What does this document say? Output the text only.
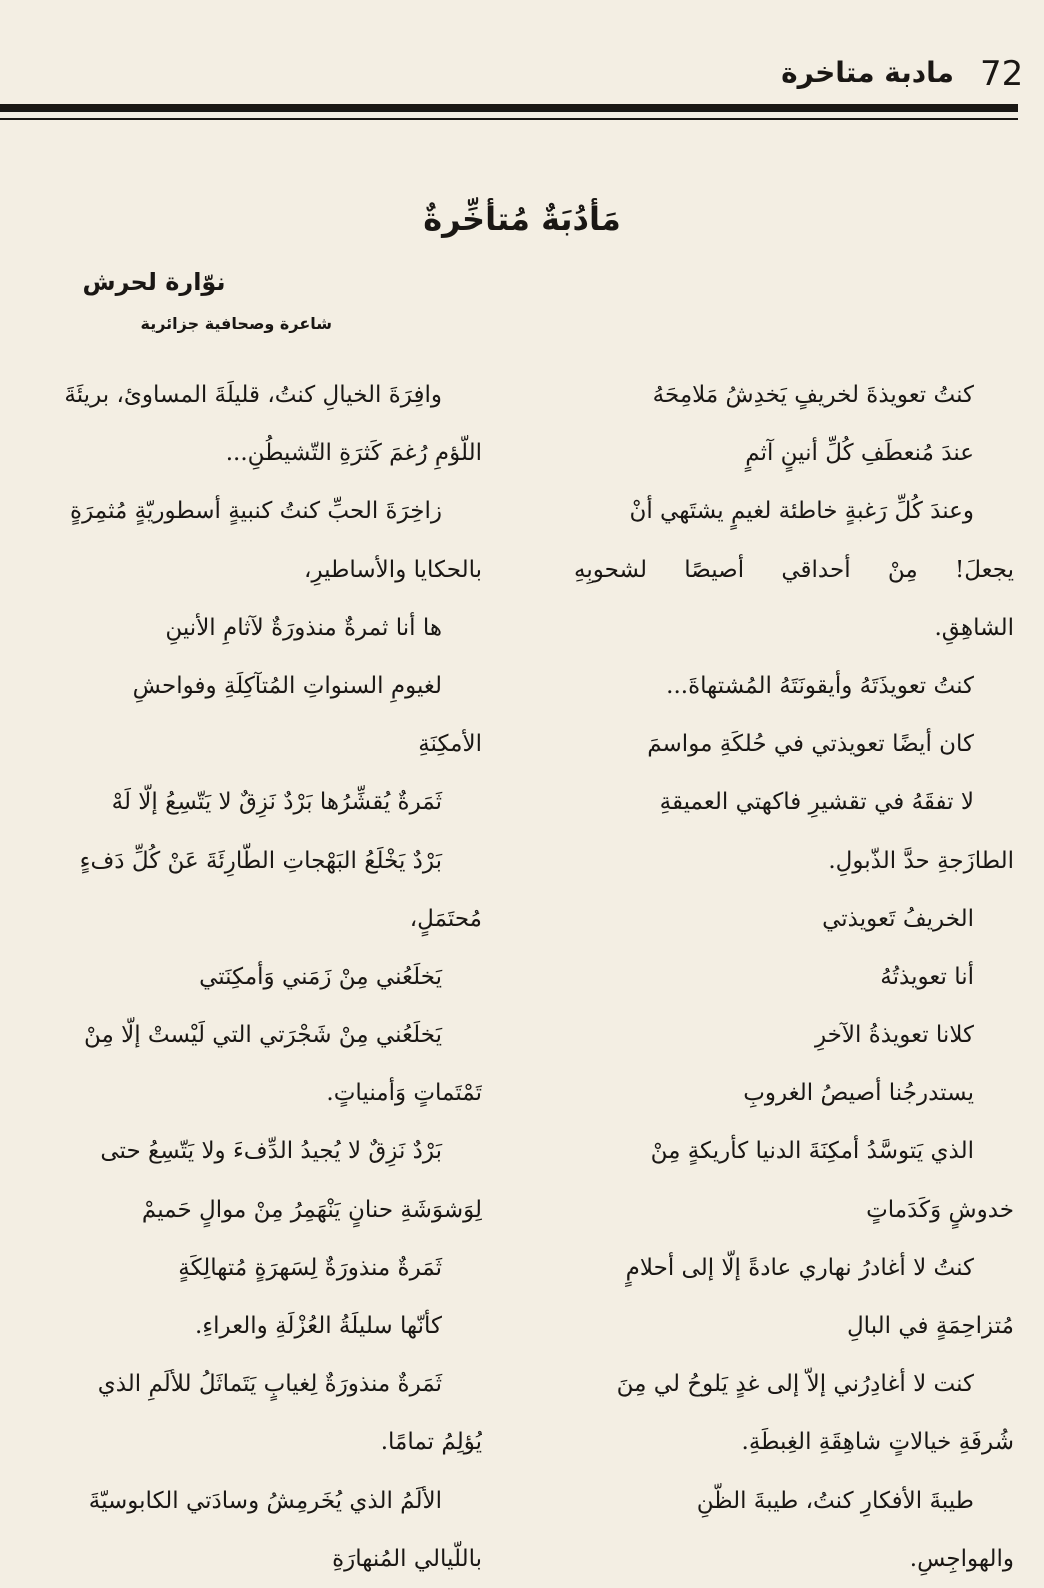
72
مادبة متاخرة
مَأدُبَةٌ مُتأخِّرةٌ
نوّارة لحرش
شاعرة وصحافية جزائرية
كنتُ تعويذةَ لخريفٍ يَخدِشُ مَلامِحَهُ
عندَ مُنعطَفِ كُلِّ أنينٍ آثمٍ
وعندَ كُلِّ رَغبةٍ خاطئة لغيمٍ يشتَهي أنْ
يجعلَ! مِنْ أحداقي أصيصًا لشحوبِهِ
الشاهِقِ.
كنتُ تعويذَتَهُ وأيقونَتَهُ المُشتهاةَ...
كان أيضًا تعويذتي في حُلكَةِ مواسمَ
لا تفقَهُ في تقشيرِ فاكهتي العميقةِ
الطازَجةِ حدَّ الذّبولِ.
الخريفُ تَعويذتي
أنا تعويذتُهُ
كلانا تعويذةُ الآخرِ
يستدرجُنا أصيصُ الغروبِ
الذي يَتوسَّدُ أمكِنَةَ الدنيا كأريكةٍ مِنْ
خدوشٍ وَكَدَماتٍ
كنتُ لا أغادرُ نهاري عادةً إلّا إلى أحلامٍ
مُتزاحِمَةٍ في البالِ
كنت لا أغادِرُني إلاّ إلى غدٍ يَلوحُ لي مِنَ
شُرفَةِ خيالاتٍ شاهِقَةِ الغِبطَةِ.
طيبةَ الأفكارِ كنتُ، طيبةَ الظّنِ
والهواجِسِ.
وافِرَةَ الخيالِ كنتُ، قليلَةَ المساوئ، بريئَةَ
اللّؤمِ رُغمَ كَثرَةِ التّشيطُنِ...
زاخِرَةَ الحبِّ كنتُ كنبيةٍ أسطوريّةٍ مُثمِرَةٍ
بالحكايا والأساطيرِ،
ها أنا ثمرةٌ منذورَةٌ لآثامِ الأنينِ
لغيومِ السنواتِ المُتآكِلَةِ وفواحشِ
الأمكِنَةِ
ثَمَرةٌ يُقشِّرُها بَرْدٌ نَزِقٌ لا يَتّسِعُ إلّا لَهْ
بَرْدٌ يَخْلَعُ البَهْجاتِ الطّارِئَةَ عَنْ كُلِّ دَفءٍ
مُحتَمَلٍ،
يَخلَعُني مِنْ زَمَني وَأمكِنَتي
يَخلَعُني مِنْ شَجْرَتي التي لَيْستْ إلّا مِنْ
تَمْتَماتٍ وَأمنياتٍ.
بَرْدٌ نَزِقٌ لا يُجيدُ الدِّفءَ ولا يَتّسِعُ حتى
لِوَشوَشَةِ حنانٍ يَنْهَمِرُ مِنْ موالٍ حَميمْ
ثَمَرةٌ منذورَةٌ لِسَهرَةٍ مُتهالِكَةٍ
كأنّها سليلَةُ العُزْلَةِ والعراءِ.
ثَمَرةٌ منذورَةٌ لِغيابٍ يَتَماثَلُ للألَمِ الذي
يُؤلِمُ تمامًا.
الألَمُ الذي يُخَرمِشُ وسادَتي الكابوسيّةَ
باللّيالي المُنهارَةِ
